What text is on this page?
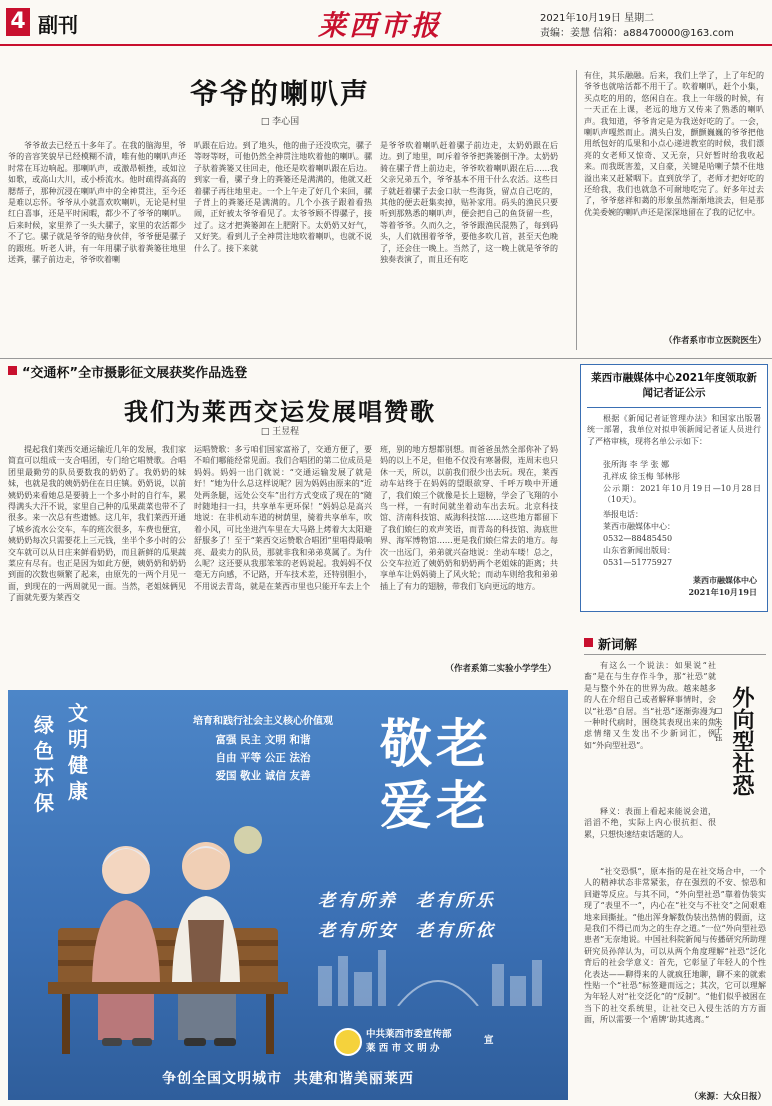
4 副刊	莱西市报	2021年10月19日 星期二
责编：姜慧 信箱：a88470000@163.com
爷爷的喇叭声
□ 李心国

爷爷故去已经五十多年了。在我的脑海里，爷爷的音容笑貌早已经模糊不清，唯有他的喇叭声还时常在耳边响起。那喇叭声，或激昂顿挫，或如泣如歌，或高山大川，或小桥流水。他时疏得高高的腮帮子，那种沉浸在喇叭声中的全神贯注，至今还是难以忘怀。爷爷从小就喜欢吹喇叭，无论是村里红白喜事，还是平时闲暇，都少不了爷爷的喇叭。后来时候，家里养了一头大骡子，家里的农活都少不了它。骡子就是爷爷的贴身伙伴，爷爷便是骡子的跟班。听老人讲，有一年用骡子驮着粪篓往地里送粪，骡子前边走，爷爷吹着喇

叭跟在后边。到了地头，他的曲子还没吹完，骡子等呀等呀，可他仍然全神贯注地吹着他的喇叭。骡子驮着粪篓又往回走，他还是吹着喇叭跟在后边。到家一看，骡子身上的粪篓还是满满的，他就又赶着骡子再往地里走。一个上午走了好几个来回，骡子背上的粪篓还是满满的。几个小孩子跟着看热闹，正好被太爷爷看见了。太爷爷顾不得骡子，接过了。这才把粪篓卸在上肥附下。太奶奶又好气，又好笑。看到儿子全神贯注地吹着喇叭，也就不说什么了。接下来就

是爷爷吹着喇叭赶着骡子前边走，太奶奶跟在后边。到了地里，呵斥着爷爷把粪篓倒干净。太奶奶骑在骡子背上前边走，爷爷吹着喇叭跟在后……我父亲兄弟五个，爷爷基本不用干什么农活。这些日子就赶着骡子去金口驮一些海货，留点自己吃的，其他的便去赶集卖掉，贴补家用。码头的渔民只要听到那熟悉的喇叭声，便会把自己的鱼货留一些，等着爷爷。久而久之，爷爷跟渔民混熟了，每到码头，人们就围着爷爷，要他多吹几首，甚至天色晚了，还会住一晚上。当然了，这一晚上就是爷爷的独奏表演了，而且还有吃

有住，其乐融融。后来，我们上学了，上了年纪的爷爷也就啥活都不用干了。吹着喇叭，赶个小集，买点吃的用的，悠闲自在。我上一年级的时候，有一天正在上课，老远的地方又传来了熟悉的喇叭声。我知道，爷爷肯定是为我送好吃的了。一会，喇叭声嘎然而止。满头白发，颤颤巍巍的爷爷把他用纸包好的瓜果和小点心递进教室的时候，我们漂亮的女老师又惊奇、又无奈，只好暂时给我收起来。而我既害羞，又自豪，关键是哈喇子禁不住地溢出来又赶紧咽下。直到放学了，老师才把好吃的还给我，我们也就急不可耐地吃完了。好多年过去了，爷爷慈祥和蔼的形象虽然渐渐地淡去，但是那优美委婉的喇叭声还是深深地留在了我的记忆中。

（作者系市市立医院医生）
“交通杯”全市摄影征文展获奖作品选登
我们为莱西交运发展唱赞歌
□ 王昱程

提起我们莱西交通运输近几年的发展，我们家简直可以组成一支合唱团，专门给它唱赞歌。合唱团里最勤劳的队员要数我的奶奶了。我奶奶的妹妹，也就是我的姨奶奶住在日庄镇。奶奶说，以前姨奶奶来看她总是要骑上一个多小时的自行车，累得满头大汗不说，家里自己种的瓜果蔬菜也带不了很多。来一次总有些遗憾。这几年，我们莱西开通了城乡流水公交车，车的班次很多，车费也便宜，姨奶奶每次只需要花上三元钱，坐半个多小时的公交车就可以从日庄来鲜看奶奶，而且新鲜的瓜果蔬菜应有尽有。也正是因为如此方便，姨奶奶和奶奶到面的次数也频繁了起来，由原先的一两个月见一面，到现在的一两周就见一面。当然，老姐妹俩见了面就先要为莱西交

运唱赞歌：多亏咱们国家富裕了，交通方便了，要不咱们哪能经常见面。我们合唱团的第二位成员是妈妈。妈妈一出门就说：“交通运输发展了就是好！”她为什么总这样说呢？因为妈妈由原来的“近处两条腿，远处公交车”出行方式变成了现在的“随时随地扫一扫，共享单车更环保！”妈妈总是高兴地说：在非机动车道的树荫里，骑着共享单车，吹着小风，可比坐进汽车里在大马路上烤着大太阳避舒服多了！至于“莱西交运赞歌合唱团”里唱得最响亮、最卖力的队员，那就非我和弟弟莫属了。为什么呢？这还要从我那笨笨的老妈说起。我妈妈不仅毫无方向感，不记路，开车技术差，还特别胆小，不用说去青岛，就是在莱西市里也只能开车去上个

班，别的地方想都别想。而爸爸虽然全部你补了妈妈的以上不足，但他不仅没有寒暑假，连周末也只休一天，所以，以前我们很少出去玩。现在，莱西动车站终于在妈妈的望眼欲穿、千呼万唤中开通了，我们娘三个就像是长上翅膀，学会了飞翔的小鸟一样，一有时间就坐着动车出去玩。北京科技馆、济南科技馆、威海科技馆……这些地方都留下了我们娘仨的欢声笑语，而青岛的科技馆、海底世界、海军博物馆……更是我们娘仨常去的地方。每次一出远门，弟弟就兴奋地说：坐动车喽！总之，公交车拉近了姨奶奶和奶奶两个老姐妹的距离；共享单车让妈妈骑上了风火轮；而动车则给我和弟弟插上了有力的翅膀，带我们飞向更远的地方。

（作者系第二实验小学学生）
莱西市融媒体中心2021年度领取新闻记者证公示

根据《新闻记者证管理办法》和国家出版署统一部署，我单位对拟申领新闻记者证人员进行了严格审核，现将名单公示如下：

张所海 李 学 张 娜
孔祥成 徐玉梅 邹林彤
公示期：2021年10月19日—10月28日（10天）。
举报电话：
莱西市融媒体中心：
0532—88485450
山东省新闻出版局：
0531—51775927
莱西市融媒体中心
2021年10月19日
新词解

有这么一个说法：如果说“社畜”是在与生存作斗争，那“社恐”就是与整个外在的世界为敌。越来越多的人在介绍自己或者解释事情时，会以“社恐”自居。当“社恐”逐渐弥漫为一种时代病时，围绕其表现出来的焦虑情绪又生发出不少新词汇，例如“外向型社恐”。	外向型社恐
□ 朱子钰

释义：表面上看起来能说会道，滔滔不绝，实际上内心很抗拒、很累，只想快速结束话题的人。

“社交恐惧”，原本指的是在社交场合中，一个人的精神状态非常紧张，存在强烈的不安、惊恐和回避等反应。与其不同，“外向型社恐”靠着伪装实现了“表里不一”，内心在“社交与不社交”之间艰难地来回撕扯。“他出浑身解数伪装出热情的假面，这是我们不得已而为之的生存之道。”一位“外向型社恐患者”无奈地说。中国社科院新闻与传播研究所助理研究员孙萍认为，可以从两个角度理解“社恐”泛化背后的社会学意义：首先，它彰显了年轻人的个性化表达——聊得来的人就疯狂地聊，聊不来的就索性贴一个“社恐”标签避而远之；其次，它可以理解为年轻人对“社交泛化”的“反制”。“他们似乎被困在当下的社交系统里，让社交已入侵生活的方方面面，所以需要一个‘盾牌’助其逃离。”

（来源：大众日报）
绿
色
环
保
文
明
健
康
培育和践行社会主义核心价值观
富强 民主 文明 和谐
自由 平等 公正 法治
爱国 敬业 诚信 友善
敬老
爱老
老有所养  老有所乐
老有所安  老有所依
中共莱西市委宣传部
莱 西 市 文 明 办
宣
争创全国文明城市  共建和谐美丽莱西
